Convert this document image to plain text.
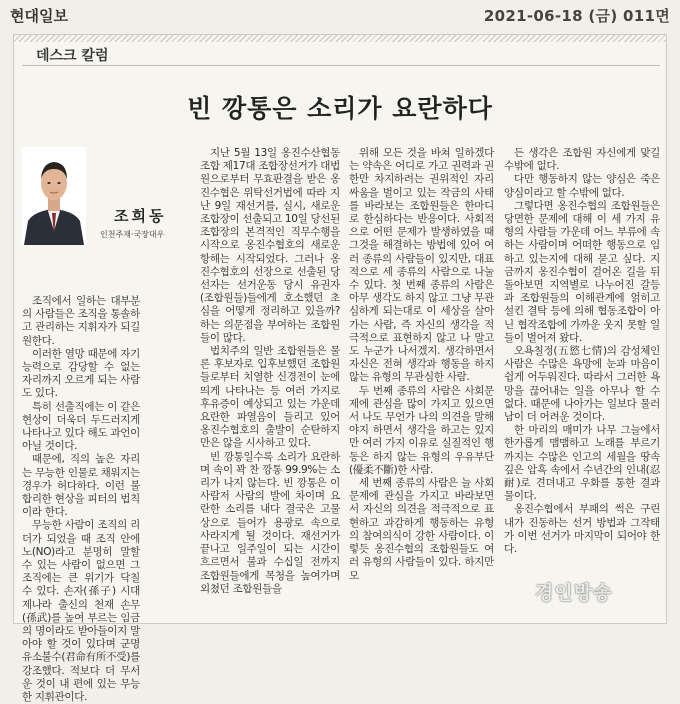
현대일보	2021-06-18 (금) 011면
데스크 칼럼
빈 깡통은 소리가 요란하다
조희동
인천주재·국장대우

조직에서 일하는 대부분의 사람들은 조직을 통솔하고 관리하는 지휘자가 되길 원한다.

이러한 열망 때문에 자기 능력으로 감당할 수 없는 자리까지 오르게 되는 사람도 있다.

특히 선출직에는 이 같은 현상이 더욱더 두드러지게 나타나고 있다 해도 과언이 아닐 것이다.

때문에, 직의 높은 자리는 무능한 인물로 채워지는 경우가 허다하다. 이런 불합리한 현상을 피터의 법칙이라 한다.

무능한 사람이 조직의 리더가 되었을 때 조직 안에 노(NO)라고 분명히 말할 수 있는 사람이 없으면 그 조직에는 큰 위기가 닥칠 수 있다. 손자(孫子) 시대 제나라 출신의 천재 손무(孫武)를 높여 부르는 임금의 명이라도 받아들이지 말아야 할 것이 있다며 군명유소불수(君命有所不受)를 강조했다. 적보다 더 무서운 것이 내 편에 있는 무능한 지휘관이다.

지난 5월 13일 옹진수산협동조합 제17대 조합장선거가 대법원으로부터 무효판결을 받은 옹진수협은 위탁선거법에 따라 지난 9일 재선거를, 실시, 새로운 조합장이 선출되고 10일 당선된 조합장의 본격적인 직무수행을 시작으로 옹진수협호의 새로운 항해는 시작되었다. 그러나 옹진수협호의 선장으로 선출된 당선자는 선거운동 당시 유권자(조합원들)들에게 호소했던 초심을 어떻게 정리하고 있을까? 하는 의문점을 부여하는 조합원들이 많다.

법치주의 일반 조합원들은 물론 후보자로 입후보했던 조합원들로부터 치열한 신경전이 눈에 띄게 나타나는 등 여러 가지로 후유증이 예상되고 있는 가운데 요란한 파열음이 들리고 있어 옹진수협호의 출발이 순탄하지만은 않을 시사하고 있다.

빈 깡통일수록 소리가 요란하며 속이 꽉 찬 깡통 99.9%는 소리가 나지 않는다. 빈 깡통은 이 사람저 사람의 발에 차이며 요란한 소리를 내다 결국은 고물상으로 들어가 용광로 속으로 사라지게 될 것이다. 재선거가 끝나고 일주일이 되는 시간이 흐르면서 불과 수십일 전까지 조합원들에게 목청을 높여가며 외쳤던 조합원들을

위해 모든 것을 바쳐 일하겠다는 약속은 어디로 가고 권력과 권한만 차지하려는 권위적인 자리싸움을 벌이고 있는 작금의 사태를 바라보는 조합원들은 한마디로 한심하다는 반응이다. 사회적으로 어떤 문제가 발생하였을 때 그것을 해결하는 방법에 있어 여러 종류의 사람들이 있지만, 대표적으로 세 종류의 사람으로 나눌 수 있다. 첫 번째 종류의 사람은 아무 생각도 하지 않고 그냥 무관심하게 되는대로 이 세상을 살아가는 사람, 즉 자신의 생각을 적극적으로 표현하지 않고 나 말고도 누군가 나서겠지. 생각하면서 자신은 전혀 생각과 행동을 하지 않는 유형의 무관심한 사람.

두 번째 종류의 사람은 사회문제에 관심을 많이 가지고 있으면서 나도 무언가 나의 의견을 말해야지 하면서 생각을 하고는 있지만 여러 가지 이유로 실질적인 행동은 하지 않는 유형의 우유부단(優柔不斷)한 사람.

세 번째 종류의 사람은 늘 사회문제에 관심을 가지고 바라보면서 자신의 의견을 적극적으로 표현하고 과감하게 행동하는 유형의 참여의식이 강한 사람이다. 이렇듯 옹진수협의 조합원들도 여러 유형의 사람들이 있다. 하지만 모

든 생각은 조합원 자신에게 맞길 수밖에 없다.

다만 행동하지 않는 양심은 죽은 양심이라고 할 수밖에 없다.

그렇다면 옹진수협의 조합원들은 당면한 문제에 대해 이 세 가지 유형의 사람들 가운데 어느 부류에 속하는 사람이며 어떠한 행동으로 임하고 있는지에 대해 묻고 싶다. 지금까지 옹진수협이 걸어온 길을 뒤돌아보면 지역별로 나누어진 갈등과 조합원들의 이해관계에 얽히고 설킨 결탁 등에 의해 협동조합이 아닌 협작조합에 가까운 웃지 못할 일들이 벌어져 왔다.

오욕칠정(五慾七情)의 감성체인 사람은 수많은 욕망에 눈과 마음이 쉽게 어두워진다. 따라서 그러한 욕망을 끊어내는 일을 아무나 할 수 없다. 때문에 나아가는 일보다 물러남이 더 어려운 것이다.

한 마리의 매미가 나무 그늘에서 한가롭게 맴맴하고 노래를 부르기까지는 수많은 인고의 세월을 땅속 깊은 암흑 속에서 수년간의 인내(忍耐)로 견뎌내고 우화를 통한 결과 물이다.

옹진수협에서 부패의 썩은 구린내가 진동하는 선거 방법과 그작태가 이번 선거가 마지막이 되어야 한다.

경인방송
